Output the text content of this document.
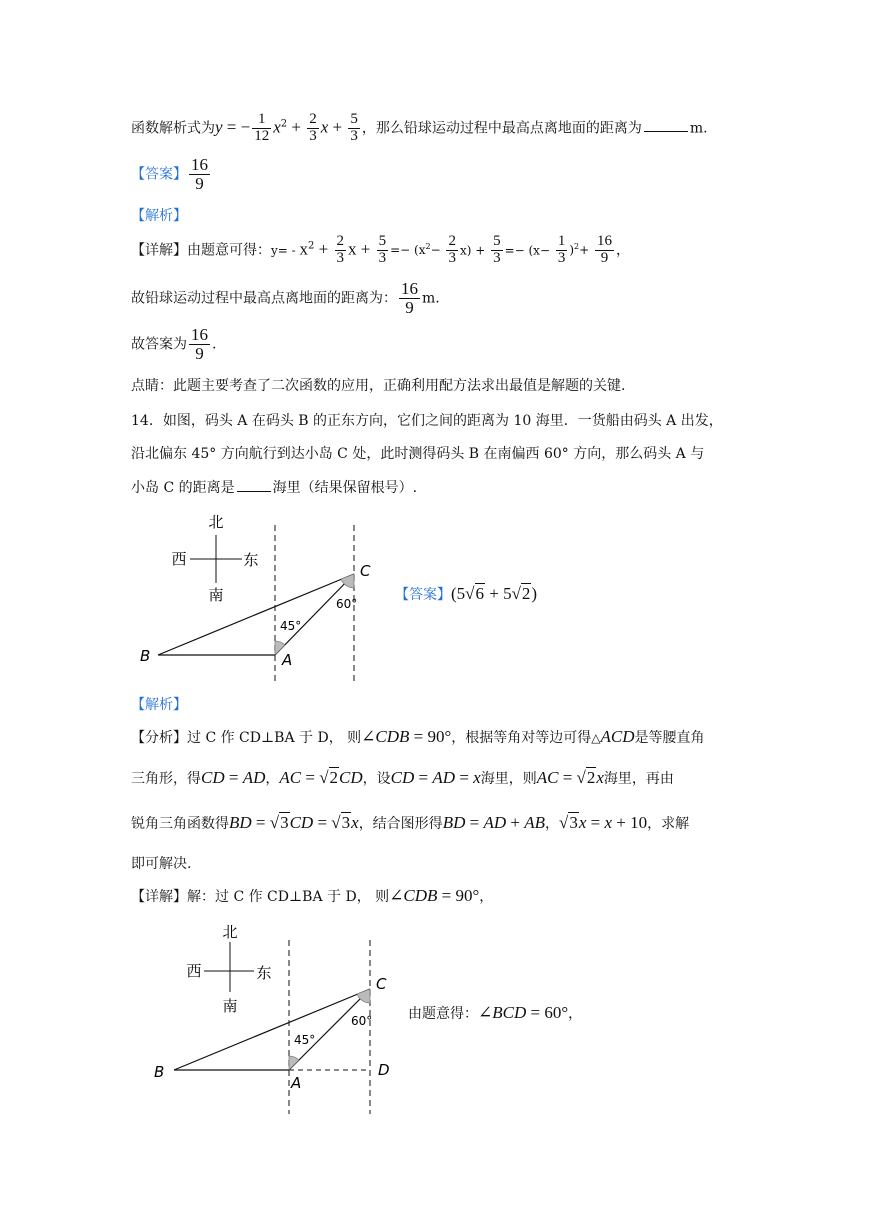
函数解析式为y = − $\frac{1}{12} x^2 + \frac{2}{3}$ $x + \frac{5}{3}$ ，那么铅球运动过程中最高点离地面的距离为	m.
【答案】 $\frac{16}{9}$
【解析】
【详解】由题意可得：$y= - x^2 + \frac{2}{3}$ $x + \frac{5}{3} =- (x^2- \frac{2}{3} x) + \frac{5}{3} =- (x- \frac{1}{3} )^2+ \frac{16}{9}$ ，
故铅球运动过程中最高点离地面的距离为： $\frac{16}{9} m$.
故答案为 $\frac{16}{9}$ .
点睛：此题主要考查了二次函数的应用，正确利用配方法求出最值是解题的关键.
14．如图，码头 A 在码头 B 的正东方向，它们之间的距离为 10 海里．一货船由码头 A 出发，
沿北偏东 45° 方向航行到达小岛 C 处，此时测得码头 B 在南偏西 60° 方向，那么码头 A 与
小岛 C 的距离是	海里（结果保留根号）.
北
南
西	东
45°
60°
B	A
C
【答案】(5√6 + 5√2)
【解析】
【分析】过 C 作 CD⊥BA 于 D， 则∠CDB = 90°，根据等角对等边可得△ACD是等腰直角
三角形，得CD = AD，AC = √2CD，设CD = AD = x海里，则AC = √2x海里，再由
锐角三角函数得BD = √3CD = √3x，结合图形得BD = AD + AB，√3x = x + 10，求解
即可解决.
【详解】解：过 C 作 CD⊥BA 于 D， 则∠CDB = 90°，
北
南
西	东
45°
60°
B
A
C
D
由题意得：∠BCD = 60°，
